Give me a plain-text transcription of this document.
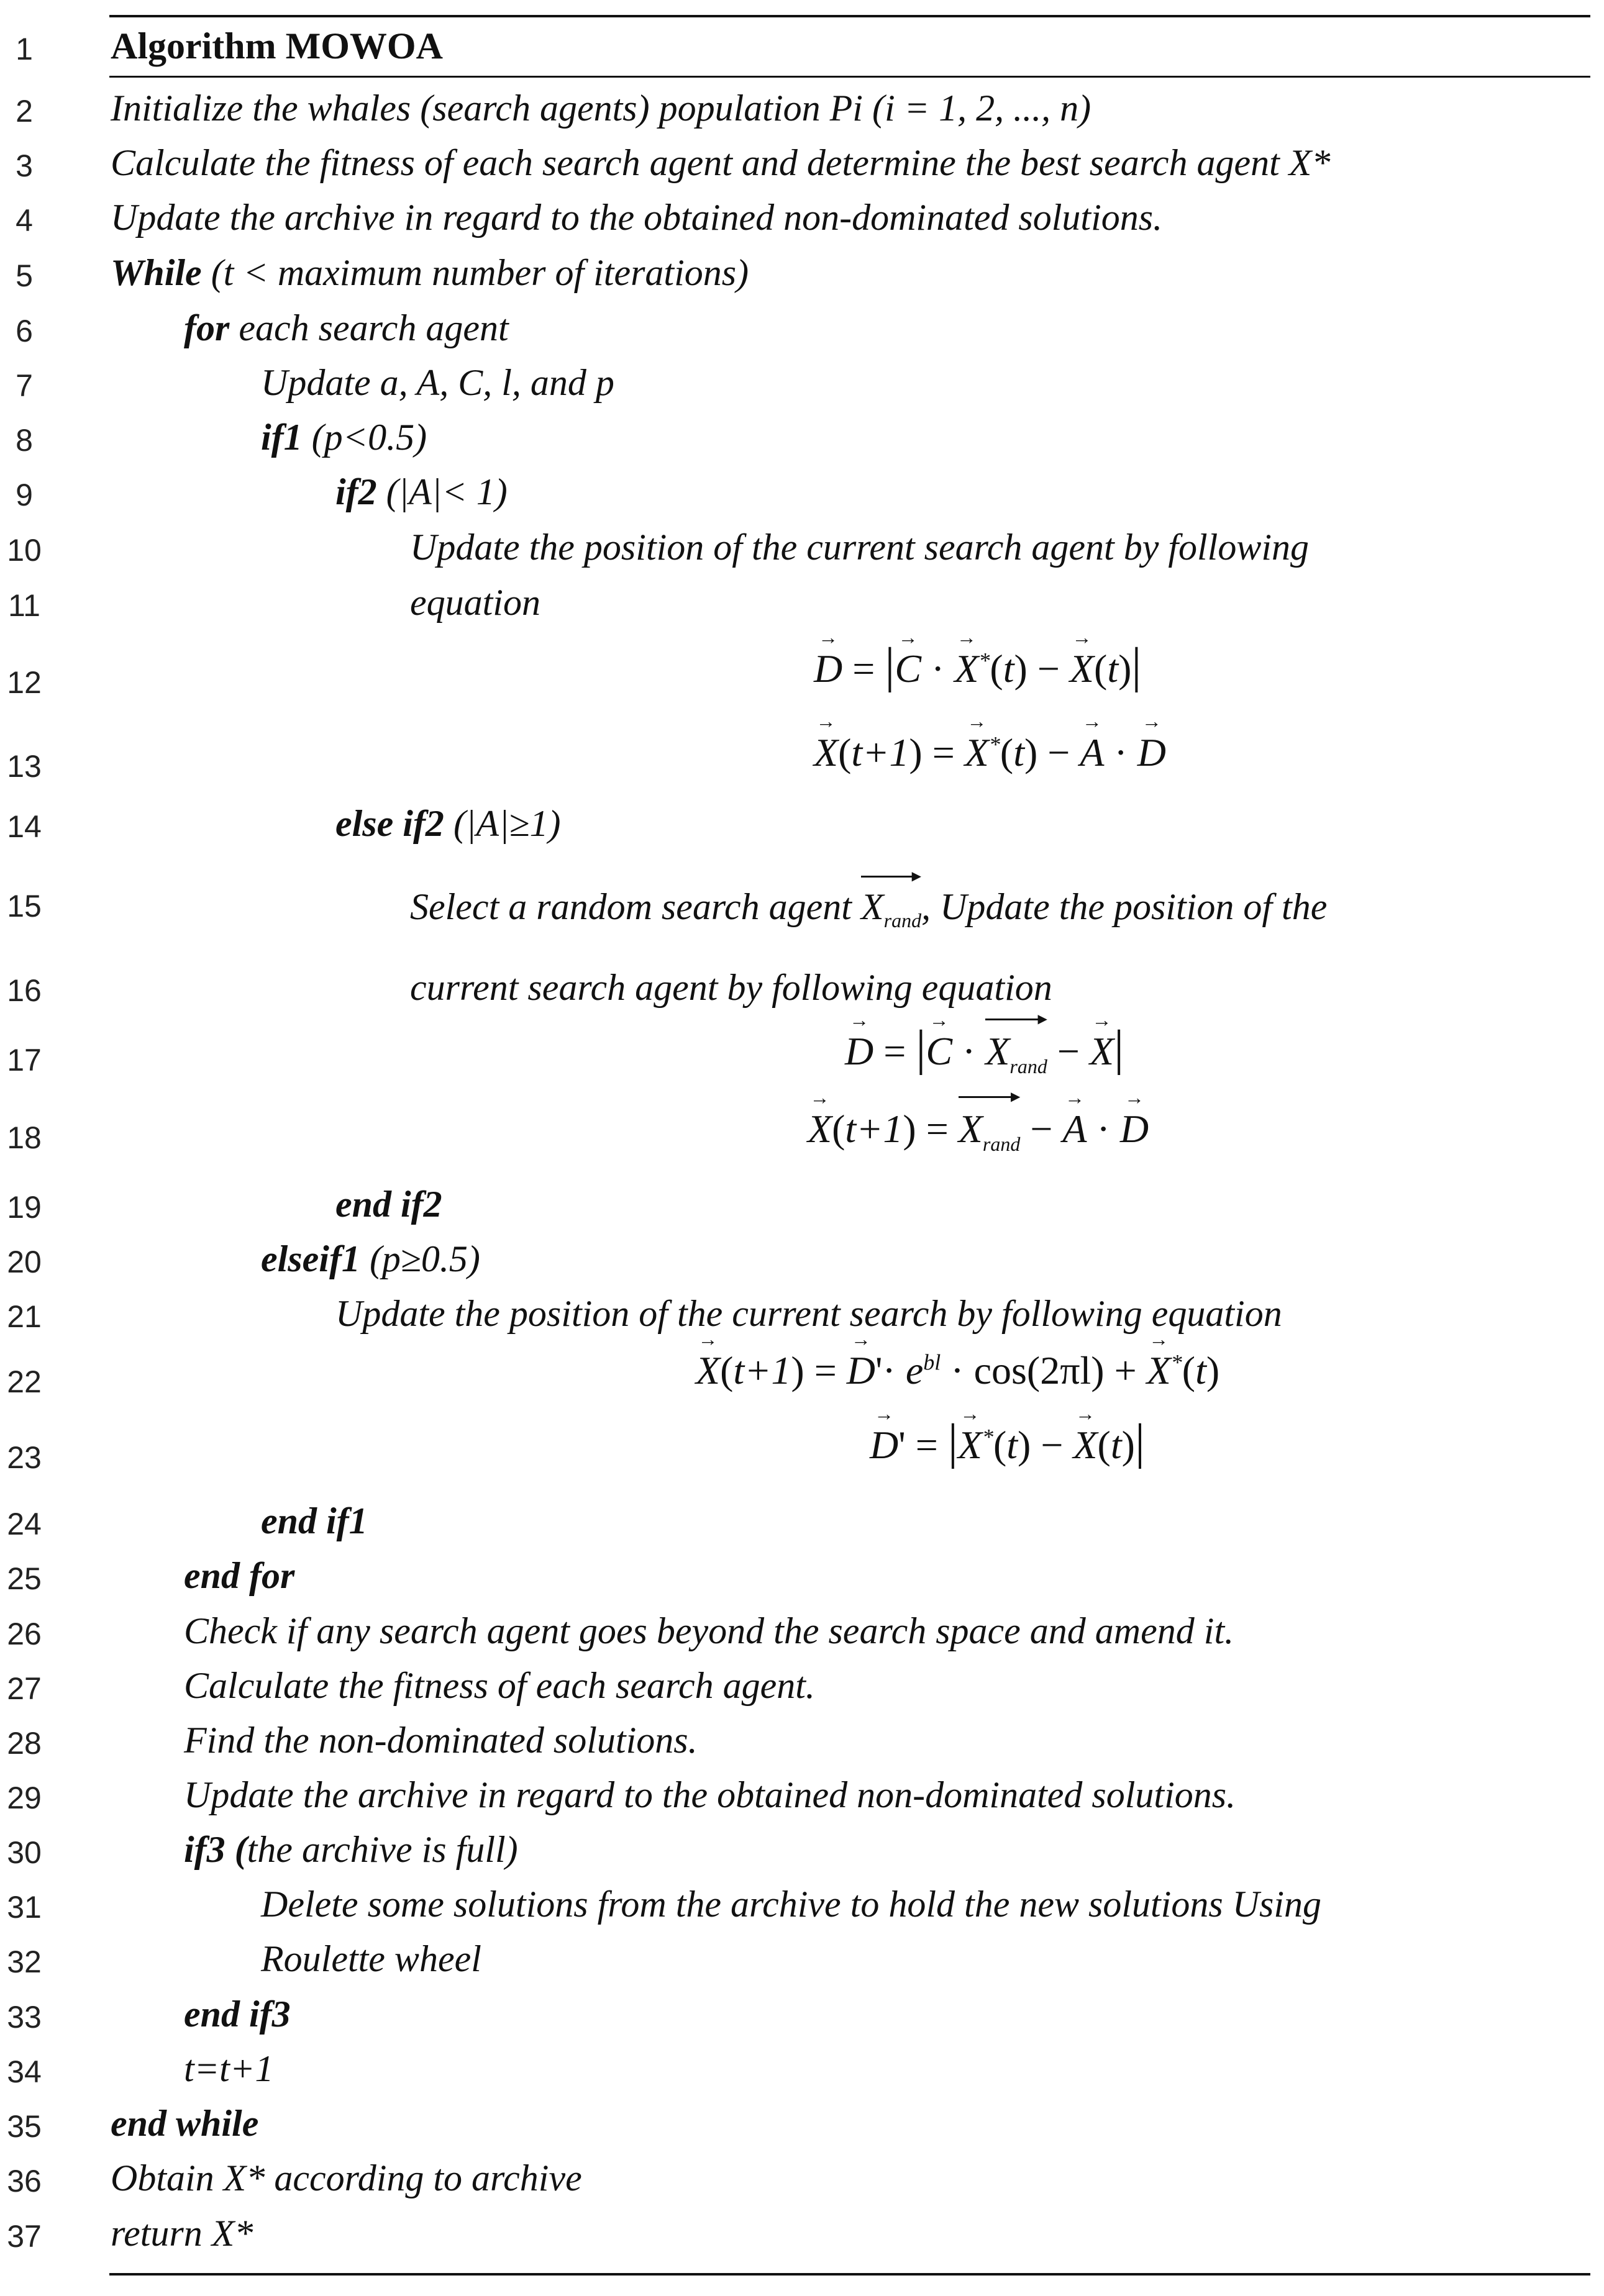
1
2
3
4
5
6
7
8
9
10
11
12
13
14
15
16
17
18
19
20
21
22
23
24
25
26
27
28
29
30
31
32
33
34
35
36
37
Algorithm MOWOA
Initialize the whales (search agents) population Pi (i = 1, 2, ..., n)
Calculate the fitness of each search agent and determine the best search agent X*
Update the archive in regard to the obtained non-dominated solutions.
While (t < maximum number of iterations)
for each search agent
Update a, A, C, l, and p
if1 (p<0.5)
if2 (|A|< 1)
Update the position of the current search agent by following
equation
→ D = |→ C · → X*(t) − → X(t)|
→ X(t+1) = → X*(t) − → A · → D
else if2 (|A|≥1)
Select a random search agent $X_{rand}$ ▶, Update the position of the
current search agent by following equation
→ D = |→ $C \cdot X_{rand}$ ▶ − → X|
→ $X(t+1) = X_{rand}$ ▶ − → A · → D
end if2
elseif1 (p≥0.5)
Update the position of the current search by following equation
→ X(t+1) = → $D'\cdot e^{bl} \cdot \cos(2\pi l)$ + → X*(t)
→ D' = |→ X*(t) − → X(t)|
end if1
end for
Check if any search agent goes beyond the search space and amend it.
Calculate the fitness of each search agent.
Find the non-dominated solutions.
Update the archive in regard to the obtained non-dominated solutions.
if3 (the archive is full)
Delete some solutions from the archive to hold the new solutions Using
Roulette wheel
end if3
t=t+1
end while
Obtain X* according to archive
return X*
